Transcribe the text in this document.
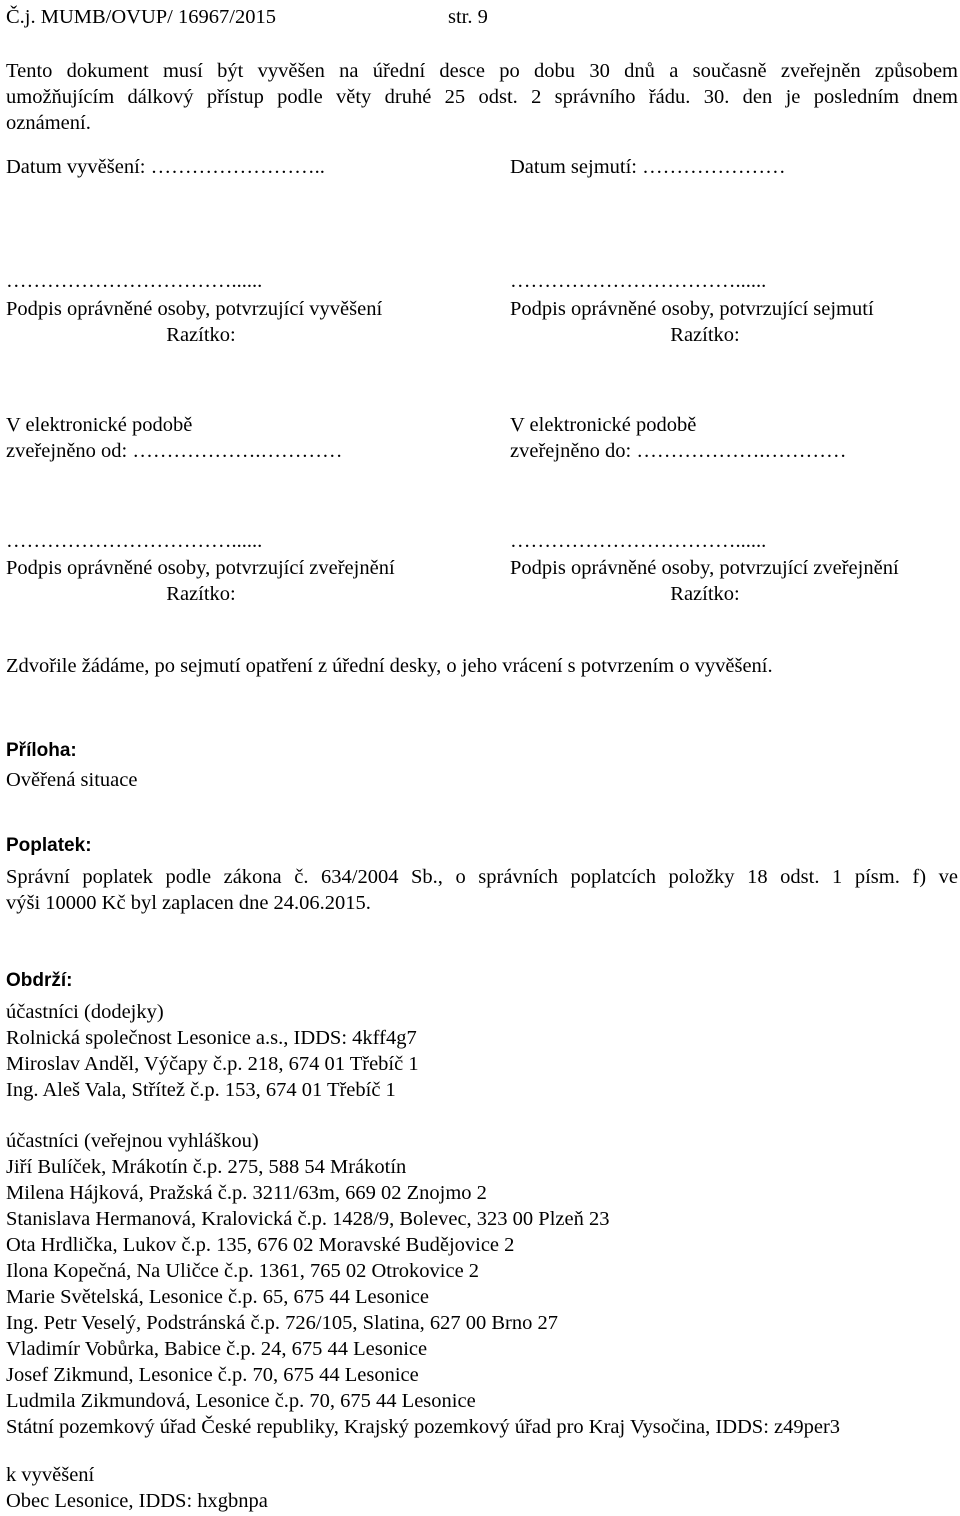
Č.j. MUMB/OVUP/ 16967/2015	str. 9
Tento dokument musí být vyvěšen na úřední desce po dobu 30 dnů a současně zveřejněn způsobem
umožňujícím dálkový přístup podle věty druhé 25 odst. 2 správního řádu. 30. den je posledním dnem
oznámení.
Datum vyvěšení: ……………………..	Datum sejmutí: …………………
……………………………......
Podpis oprávněné osoby, potvrzující vyvěšení
Razítko:
……………………………......
Podpis oprávněné osoby, potvrzující sejmutí
Razítko:
V elektronické podobě
zveřejněno od: ……………….…………
V elektronické podobě
zveřejněno do: ……………….…………
……………………………......
Podpis oprávněné osoby, potvrzující zveřejnění
Razítko:
……………………………......
Podpis oprávněné osoby, potvrzující zveřejnění
Razítko:
Zdvořile žádáme, po sejmutí opatření z úřední desky, o jeho vrácení s potvrzením o vyvěšení.
Příloha:
Ověřená situace
Poplatek:
Správní poplatek podle zákona č. 634/2004 Sb., o správních poplatcích položky 18 odst. 1 písm. f) ve
výši 10000 Kč byl zaplacen dne 24.06.2015.
Obdrží:
účastníci (dodejky)
Rolnická společnost Lesonice a.s., IDDS: 4kff4g7
Miroslav Anděl, Výčapy č.p. 218, 674 01 Třebíč 1
Ing. Aleš Vala, Střítež č.p. 153, 674 01 Třebíč 1
účastníci (veřejnou vyhláškou)
Jiří Bulíček, Mrákotín č.p. 275, 588 54 Mrákotín
Milena Hájková, Pražská č.p. 3211/63m, 669 02 Znojmo 2
Stanislava Hermanová, Kralovická č.p. 1428/9, Bolevec, 323 00 Plzeň 23
Ota Hrdlička, Lukov č.p. 135, 676 02 Moravské Budějovice 2
Ilona Kopečná, Na Uličce č.p. 1361, 765 02 Otrokovice 2
Marie Světelská, Lesonice č.p. 65, 675 44 Lesonice
Ing. Petr Veselý, Podstránská č.p. 726/105, Slatina, 627 00 Brno 27
Vladimír Vobůrka, Babice č.p. 24, 675 44 Lesonice
Josef Zikmund, Lesonice č.p. 70, 675 44 Lesonice
Ludmila Zikmundová, Lesonice č.p. 70, 675 44 Lesonice
Státní pozemkový úřad České republiky, Krajský pozemkový úřad pro Kraj Vysočina, IDDS: z49per3
k vyvěšení
Obec Lesonice, IDDS: hxgbnpa
